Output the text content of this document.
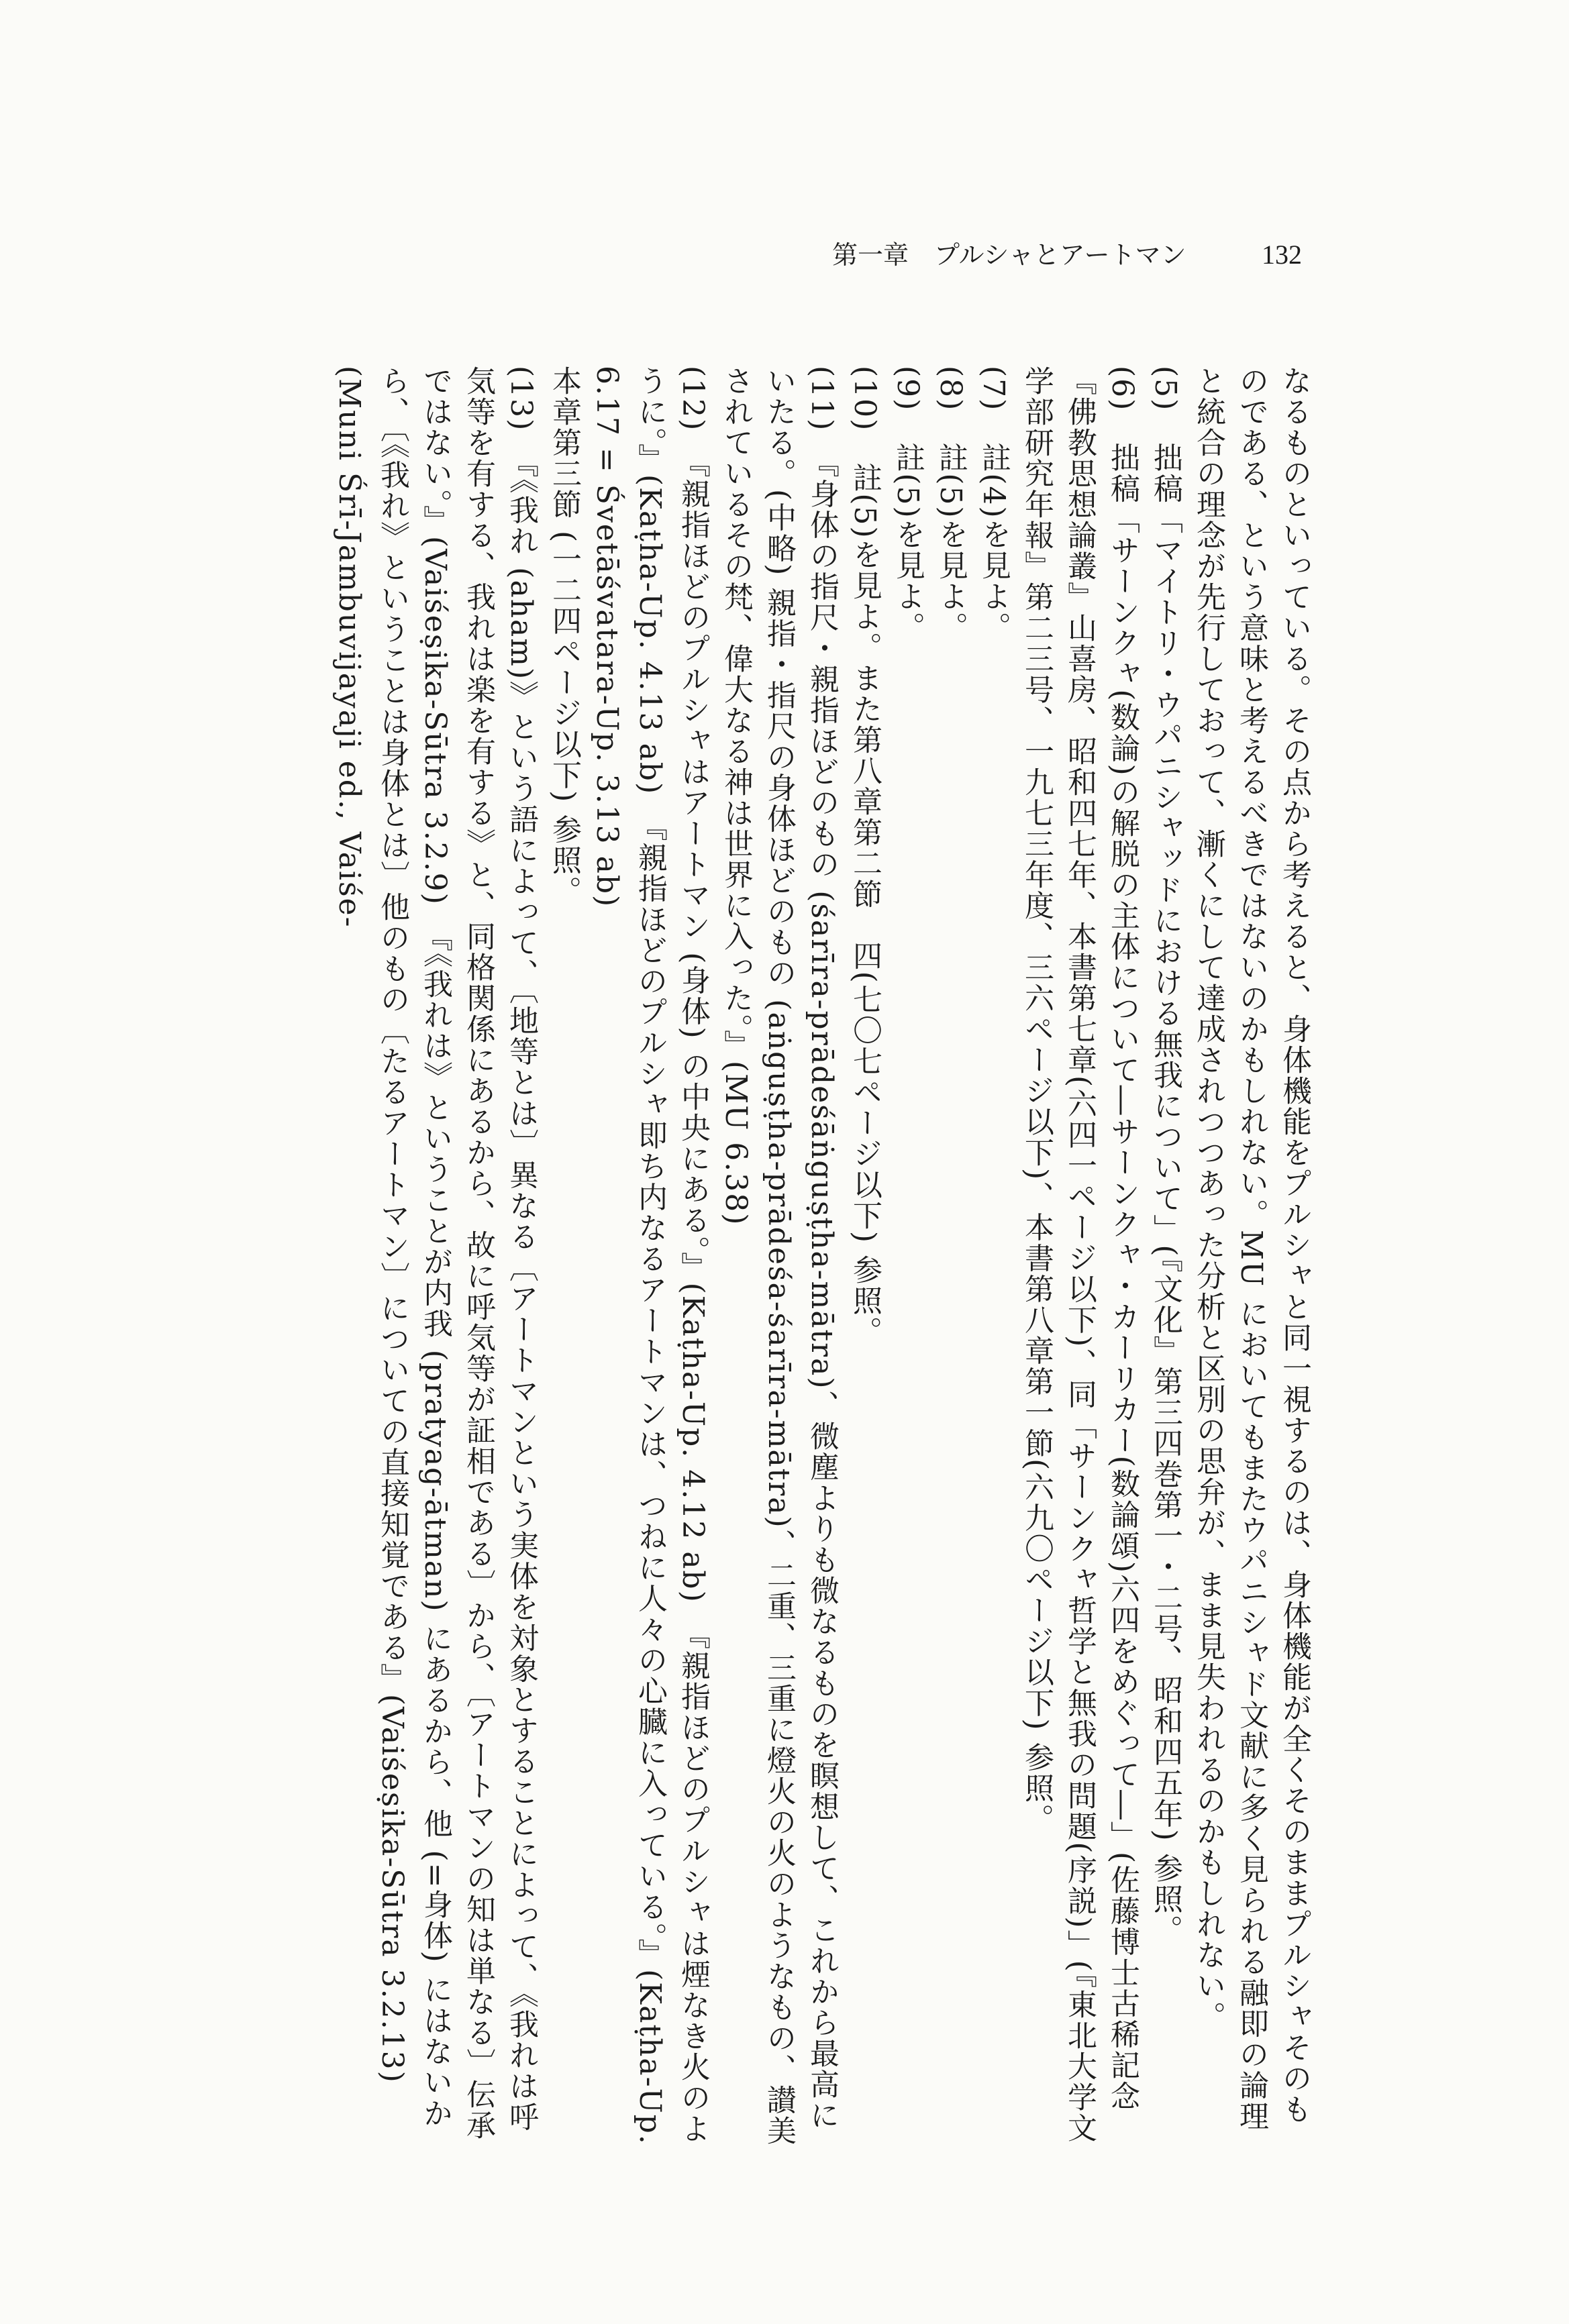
第一章　プルシャとアートマン	132

なるものといっている。その点から考えると、身体機能をプルシャと同一視するのは、身体機能が全くそのままプルシャそのものである、という意味と考えるべきではないのかもしれない。MU においてもまたウパニシャド文献に多く見られる融即の論理と統合の理念が先行しておって、漸くにして達成されつつあった分析と区別の思弁が、まま見失われるのかもしれない。

(5)　拙稿「マイトリ・ウパニシャッドにおける無我について」(『文化』第三四巻第一・二号、昭和四五年) 参照。

(6)　拙稿「サーンクャ(数論)の解脱の主体について―サーンクャ・カーリカー(数論頌)六四をめぐって―」(佐藤博士古稀記念『佛教思想論叢』山喜房、昭和四七年、本書第七章(六四一ページ以下)、同「サーンクャ哲学と無我の問題(序説)」(『東北大学文学部研究年報』第二三号、一九七三年度、三六ページ以下)、本書第八章第一節(六九〇ページ以下) 参照。

(7)　註(4)を見よ。

(8)　註(5)を見よ。

(9)　註(5)を見よ。

(10)　註(5)を見よ。また第八章第二節　四(七〇七ページ以下) 参照。

(11)　『身体の指尺・親指ほどのもの (śarīra-prādeśāṅguṣṭha-mātra)、微塵よりも微なるものを瞑想して、これから最高にいたる。(中略) 親指・指尺の身体ほどのもの (aṅguṣṭha-prādeśa-śarīra-mātra)、二重、三重に燈火の火のようなもの、讃美されているその梵、偉大なる神は世界に入った。』(MU 6.38)

(12)　『親指ほどのプルシャはアートマン (身体) の中央にある。』(Kaṭha-Up. 4.12 ab)　『親指ほどのプルシャは煙なき火のように。』(Kaṭha-Up. 4.13 ab)　『親指ほどのプルシャ即ち内なるアートマンは、つねに人々の心臓に入っている。』(Kaṭha-Up. 6.17 = Śvetāśvatara-Up. 3.13 ab)

本章第三節 (一二四ページ以下) 参照。

(13)　『《我れ (aham)》という語によって、〔地等とは〕異なる〔アートマンという実体を対象とすることによって、《我れは呼気等を有する、我れは楽を有する》と、同格関係にあるから、故に呼気等が証相である〕から、〔アートマンの知は単なる〕伝承ではない。』(Vaiśeṣika-Sūtra 3.2.9)　『《我れは》ということが内我 (pratyag-ātman) にあるから、他 (=身体) にはないから、〔《我れ》ということは身体とは〕他のもの〔たるアートマン〕についての直接知覚である』(Vaiśeṣika-Sūtra 3.2.13) (Muni Śrī-Jambuvijayaji ed., Vaiśe-
